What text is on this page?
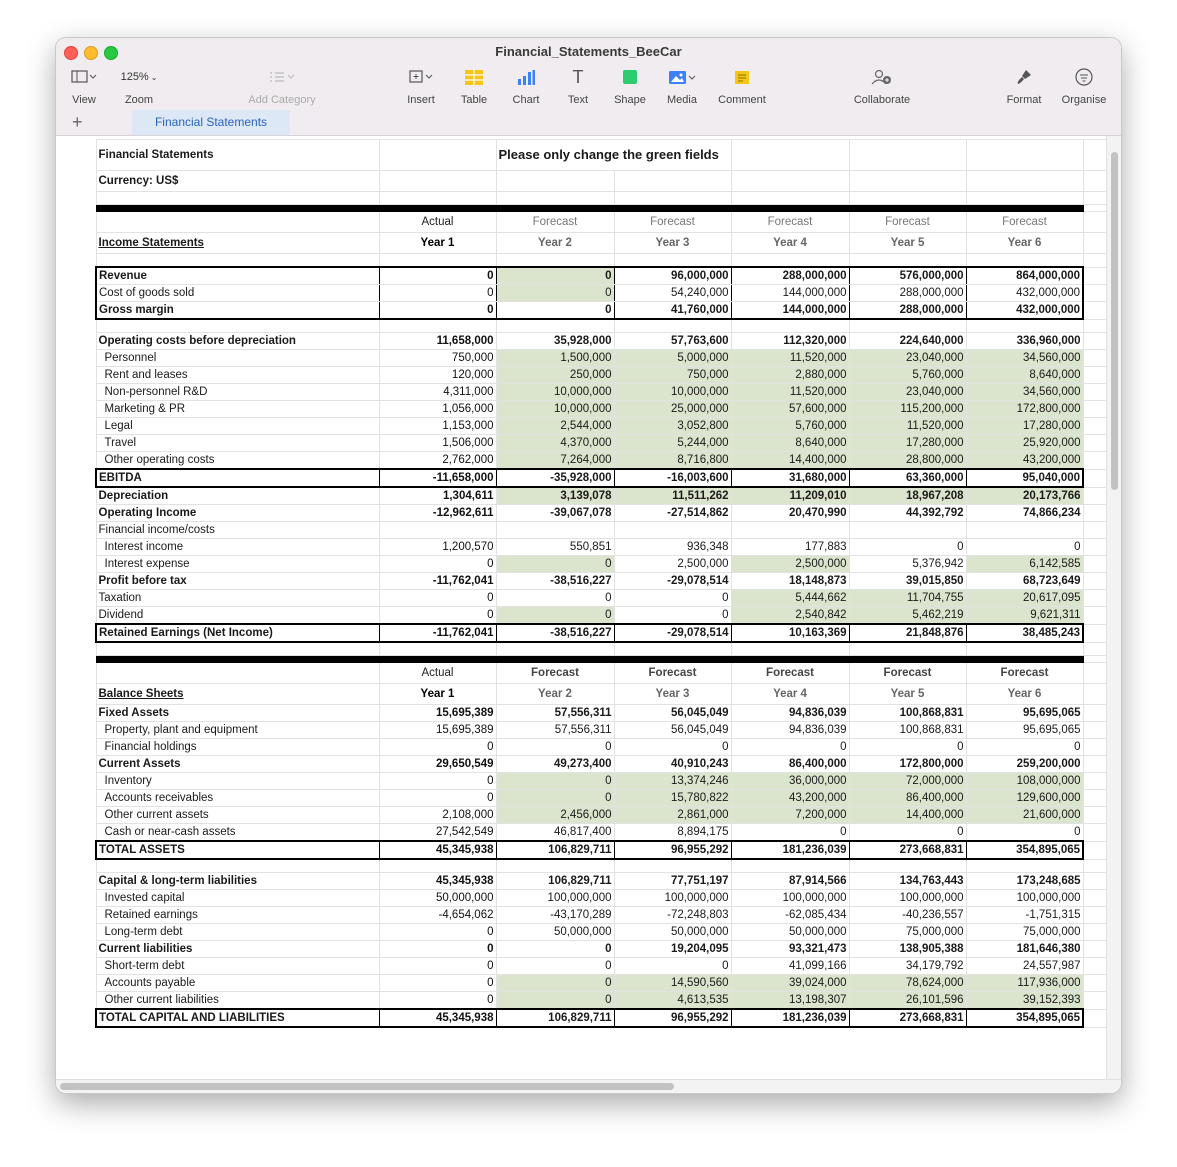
Financial_Statements_BeeCar
View
125% ⌄
Zoom	Add Category	Insert	Table	Chart
T
Text	Shape	Media	Comment	Collaborate	Format	Organise
+	Financial Statements
Financial Statements		Please only change the green fields					
Currency: US$							

	Actual	Forecast	Forecast	Forecast	Forecast	Forecast	
Income Statements	Year 1	Year 2	Year 3	Year 4	Year 5	Year 6	

Revenue	0	0	96,000,000	288,000,000	576,000,000	864,000,000	
Cost of goods sold	0	0	54,240,000	144,000,000	288,000,000	432,000,000	
Gross margin	0	0	41,760,000	144,000,000	288,000,000	432,000,000	

Operating costs before depreciation	11,658,000	35,928,000	57,763,600	112,320,000	224,640,000	336,960,000	
Personnel	750,000	1,500,000	5,000,000	11,520,000	23,040,000	34,560,000	
Rent and leases	120,000	250,000	750,000	2,880,000	5,760,000	8,640,000	
Non-personnel R&D	4,311,000	10,000,000	10,000,000	11,520,000	23,040,000	34,560,000	
Marketing & PR	1,056,000	10,000,000	25,000,000	57,600,000	115,200,000	172,800,000	
Legal	1,153,000	2,544,000	3,052,800	5,760,000	11,520,000	17,280,000	
Travel	1,506,000	4,370,000	5,244,000	8,640,000	17,280,000	25,920,000	
Other operating costs	2,762,000	7,264,000	8,716,800	14,400,000	28,800,000	43,200,000	
EBITDA	-11,658,000	-35,928,000	-16,003,600	31,680,000	63,360,000	95,040,000	
Depreciation	1,304,611	3,139,078	11,511,262	11,209,010	18,967,208	20,173,766	
Operating Income	-12,962,611	-39,067,078	-27,514,862	20,470,990	44,392,792	74,866,234	
Financial income/costs							
Interest income	1,200,570	550,851	936,348	177,883	0	0	
Interest expense	0	0	2,500,000	2,500,000	5,376,942	6,142,585	
Profit before tax	-11,762,041	-38,516,227	-29,078,514	18,148,873	39,015,850	68,723,649	
Taxation	0	0	0	5,444,662	11,704,755	20,617,095	
Dividend	0	0	0	2,540,842	5,462,219	9,621,311	
Retained Earnings (Net Income)	-11,762,041	-38,516,227	-29,078,514	10,163,369	21,848,876	38,485,243	

	Actual	Forecast	Forecast	Forecast	Forecast	Forecast	
Balance Sheets	Year 1	Year 2	Year 3	Year 4	Year 5	Year 6	
Fixed Assets	15,695,389	57,556,311	56,045,049	94,836,039	100,868,831	95,695,065	
Property, plant and equipment	15,695,389	57,556,311	56,045,049	94,836,039	100,868,831	95,695,065	
Financial holdings	0	0	0	0	0	0	
Current Assets	29,650,549	49,273,400	40,910,243	86,400,000	172,800,000	259,200,000	
Inventory	0	0	13,374,246	36,000,000	72,000,000	108,000,000	
Accounts receivables	0	0	15,780,822	43,200,000	86,400,000	129,600,000	
Other current assets	2,108,000	2,456,000	2,861,000	7,200,000	14,400,000	21,600,000	
Cash or near-cash assets	27,542,549	46,817,400	8,894,175	0	0	0	
TOTAL ASSETS	45,345,938	106,829,711	96,955,292	181,236,039	273,668,831	354,895,065	

Capital & long-term liabilities	45,345,938	106,829,711	77,751,197	87,914,566	134,763,443	173,248,685	
Invested capital	50,000,000	100,000,000	100,000,000	100,000,000	100,000,000	100,000,000	
Retained earnings	-4,654,062	-43,170,289	-72,248,803	-62,085,434	-40,236,557	-1,751,315	
Long-term debt	0	50,000,000	50,000,000	50,000,000	75,000,000	75,000,000	
Current liabilities	0	0	19,204,095	93,321,473	138,905,388	181,646,380	
Short-term debt	0	0	0	41,099,166	34,179,792	24,557,987	
Accounts payable	0	0	14,590,560	39,024,000	78,624,000	117,936,000	
Other current liabilities	0	0	4,613,535	13,198,307	26,101,596	39,152,393	
TOTAL CAPITAL AND LIABILITIES	45,345,938	106,829,711	96,955,292	181,236,039	273,668,831	354,895,065	
